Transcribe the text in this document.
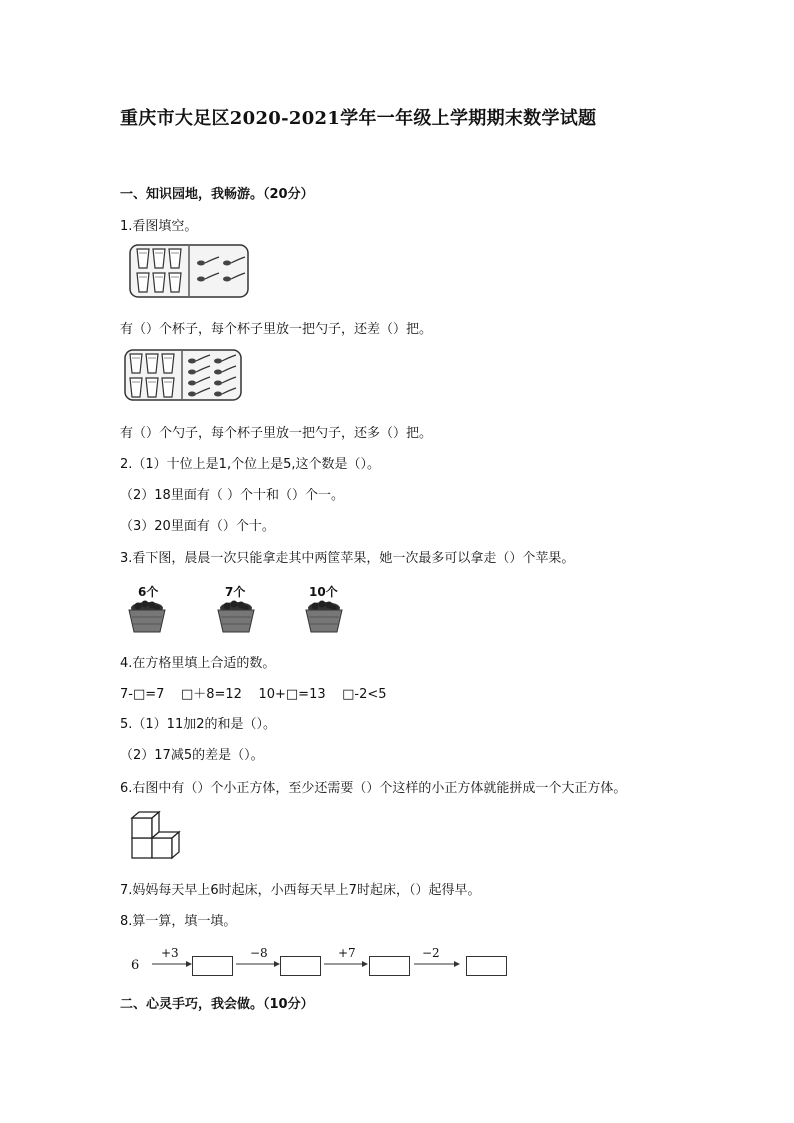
重庆市大足区2020-2021学年一年级上学期期末数学试题
一、知识园地，我畅游。（20分）
1.看图填空。
有（）个杯子，每个杯子里放一把勺子，还差（）把。
有（）个勺子，每个杯子里放一把勺子，还多（）把。
2.（1）十位上是1,个位上是5,这个数是（）。
（2）18里面有（ ）个十和（）个一。
（3）20里面有（）个十。
3.看下图，晨晨一次只能拿走其中两筐苹果，她一次最多可以拿走（）个苹果。
6个	7个	10个
4.在方格里填上合适的数。
7-□=7    □＋8=12    10+□=13    □-2<5
5.（1）11加2的和是（）。
（2）17减5的差是（）。
6.右图中有（）个小正方体，至少还需要（）个这样的小正方体就能拼成一个大正方体。
7.妈妈每天早上6时起床，小西每天早上7时起床，（）起得早。
8.算一算，填一填。
6
+3	−8	+7	−2
二、心灵手巧，我会做。（10分）
